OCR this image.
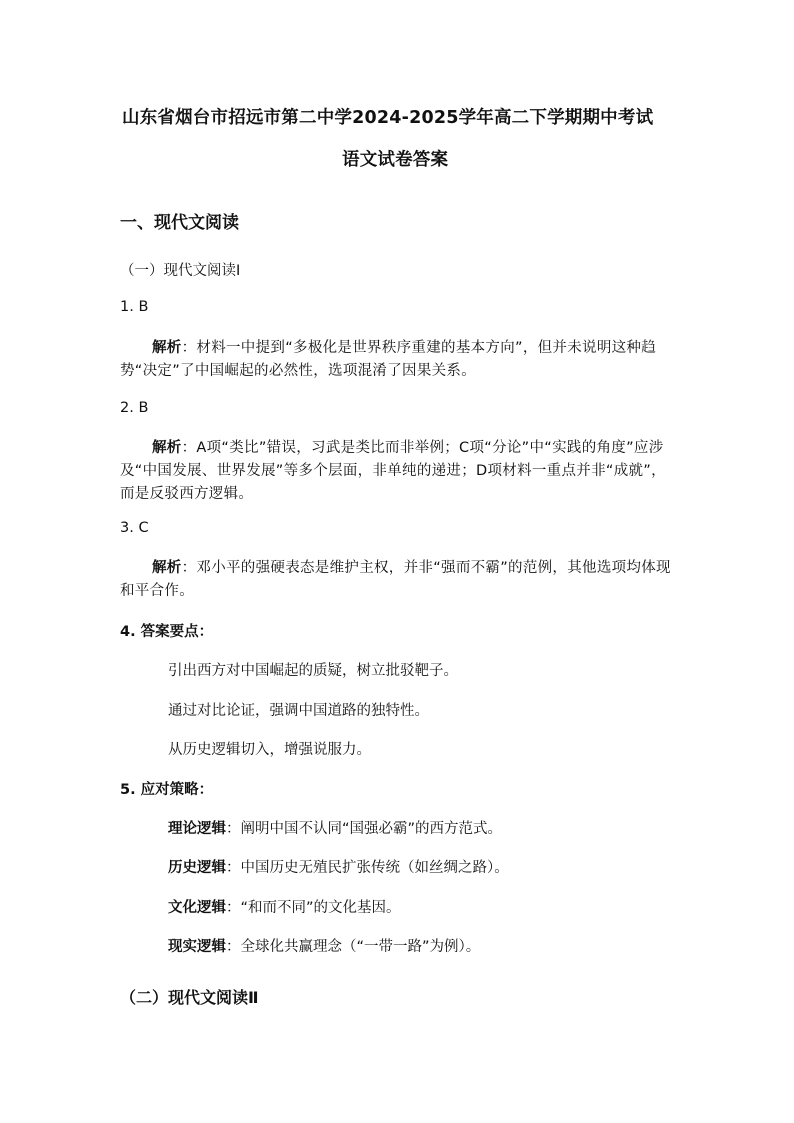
山东省烟台市招远市第二中学2024-2025学年高二下学期期中考试
语文试卷答案
一、现代文阅读
（一）现代文阅读Ⅰ
1. B
解析：材料一中提到“多极化是世界秩序重建的基本方向”，但并未说明这种趋势“决定”了中国崛起的必然性，选项混淆了因果关系。
2. B
解析：A项“类比”错误，习武是类比而非举例；C项“分论”中“实践的角度”应涉及“中国发展、世界发展”等多个层面，非单纯的递进；D项材料一重点并非“成就”，而是反驳西方逻辑。
3. C
解析：邓小平的强硬表态是维护主权，并非“强而不霸”的范例，其他选项均体现和平合作。
4. 答案要点：
引出西方对中国崛起的质疑，树立批驳靶子。
通过对比论证，强调中国道路的独特性。
从历史逻辑切入，增强说服力。
5. 应对策略：
理论逻辑：阐明中国不认同“国强必霸”的西方范式。
历史逻辑：中国历史无殖民扩张传统（如丝绸之路）。
文化逻辑：“和而不同”的文化基因。
现实逻辑：全球化共赢理念（“一带一路”为例）。
（二）现代文阅读Ⅱ
